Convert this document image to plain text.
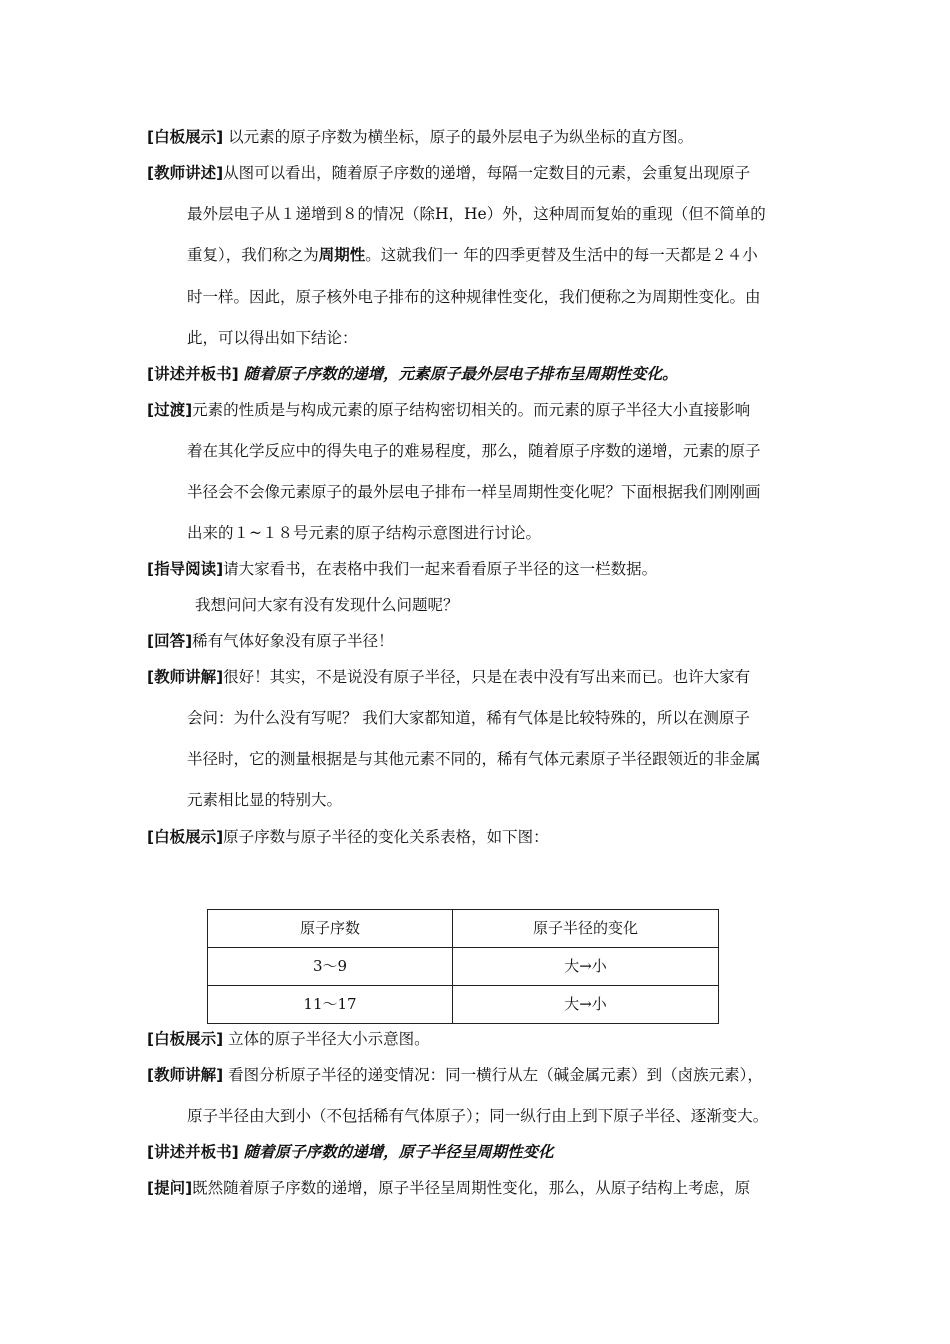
[白板展示] 以元素的原子序数为横坐标，原子的最外层电子为纵坐标的直方图。
[教师讲述]从图可以看出，随着原子序数的递增，每隔一定数目的元素，会重复出现原子
最外层电子从１递增到８的情况（除H，He）外，这种周而复始的重现（但不简单的
重复），我们称之为周期性。这就我们一 年的四季更替及生活中的每一天都是２４小
时一样。因此，原子核外电子排布的这种规律性变化，我们便称之为周期性变化。由
此，可以得出如下结论：
[讲述并板书] 随着原子序数的递增，元素原子最外层电子排布呈周期性变化。
[过渡]元素的性质是与构成元素的原子结构密切相关的。而元素的原子半径大小直接影响
着在其化学反应中的得失电子的难易程度，那么，随着原子序数的递增，元素的原子
半径会不会像元素原子的最外层电子排布一样呈周期性变化呢？下面根据我们刚刚画
出来的１~１８号元素的原子结构示意图进行讨论。
[指导阅读]请大家看书，在表格中我们一起来看看原子半径的这一栏数据。
我想问问大家有没有发现什么问题呢？
[回答]稀有气体好象没有原子半径！
[教师讲解]很好！其实，不是说没有原子半径，只是在表中没有写出来而已。也许大家有
会问：为什么没有写呢？ 我们大家都知道，稀有气体是比较特殊的，所以在测原子
半径时，它的测量根据是与其他元素不同的，稀有气体元素原子半径跟领近的非金属
元素相比显的特别大。
[白板展示]原子序数与原子半径的变化关系表格，如下图：
原子序数	原子半径的变化
3～9	大→小
11～17	大→小
[白板展示] 立体的原子半径大小示意图。
[教师讲解] 看图分析原子半径的递变情况：同一横行从左（碱金属元素）到（卤族元素），
原子半径由大到小（不包括稀有气体原子）；同一纵行由上到下原子半径、逐渐变大。
[讲述并板书] 随着原子序数的递增，原子半径呈周期性变化
[提问]既然随着原子序数的递增，原子半径呈周期性变化，那么，从原子结构上考虑，原
